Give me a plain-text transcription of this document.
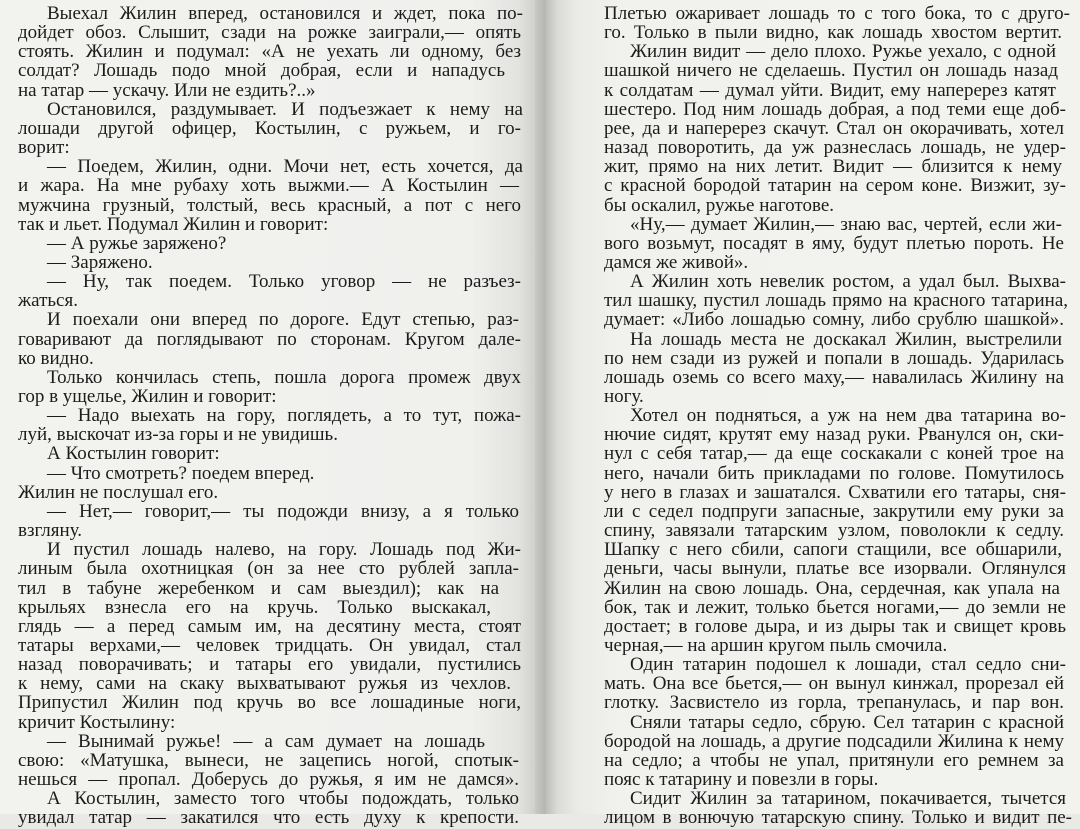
Выехал Жилин вперед, остановился и ждет, пока по-
дойдет обоз. Слышит, сзади на рожке заиграли,— опять
стоять. Жилин и подумал: «А не уехать ли одному, без
солдат? Лошадь подо мной добрая, если и нападусь
на татар — ускачу. Или не ездить?..»
Остановился, раздумывает. И подъезжает к нему на
лошади другой офицер, Костылин, с ружьем, и го-
ворит:
— Поедем, Жилин, одни. Мочи нет, есть хочется, да
и жара. На мне рубаху хоть выжми.— А Костылин —
мужчина грузный, толстый, весь красный, а пот с него
так и льет. Подумал Жилин и говорит:
— А ружье заряжено?
— Заряжено.
— Ну, так поедем. Только уговор — не разъез-
жаться.
И поехали они вперед по дороге. Едут степью, раз-
говаривают да поглядывают по сторонам. Кругом дале-
ко видно.
Только кончилась степь, пошла дорога промеж двух
гор в ущелье, Жилин и говорит:
— Надо выехать на гору, поглядеть, а то тут, пожа-
луй, выскочат из-за горы и не увидишь.
А Костылин говорит:
— Что смотреть? поедем вперед.
Жилин не послушал его.
— Нет,— говорит,— ты подожди внизу, а я только
взгляну.
И пустил лошадь налево, на гору. Лошадь под Жи-
линым была охотницкая (он за нее сто рублей запла-
тил в табуне жеребенком и сам выездил); как на
крыльях взнесла его на кручь. Только выскакал,
глядь — а перед самым им, на десятину места, стоят
татары верхами,— человек тридцать. Он увидал, стал
назад поворачивать; и татары его увидали, пустились
к нему, сами на скаку выхватывают ружья из чехлов.
Припустил Жилин под кручь во все лошадиные ноги,
кричит Костылину:
— Вынимай ружье! — а сам думает на лошадь
свою: «Матушка, вынеси, не зацепись ногой, спотык-
нешься — пропал. Доберусь до ружья, я им не дамся».
А Костылин, заместо того чтобы подождать, только
увидал татар — закатился что есть духу к крепости.
Плетью ожаривает лошадь то с того бока, то с друго-
го. Только в пыли видно, как лошадь хвостом вертит.
Жилин видит — дело плохо. Ружье уехало, с одной
шашкой ничего не сделаешь. Пустил он лошадь назад
к солдатам — думал уйти. Видит, ему наперерез катят
шестеро. Под ним лошадь добрая, а под теми еще доб-
рее, да и наперерез скачут. Стал он окорачивать, хотел
назад поворотить, да уж разнеслась лошадь, не удер-
жит, прямо на них летит. Видит — близится к нему
с красной бородой татарин на сером коне. Визжит, зу-
бы оскалил, ружье наготове.
«Ну,— думает Жилин,— знаю вас, чертей, если жи-
вого возьмут, посадят в яму, будут плетью пороть. Не
дамся же живой».
А Жилин хоть невелик ростом, а удал был. Выхва-
тил шашку, пустил лошадь прямо на красного татарина,
думает: «Либо лошадью сомну, либо срублю шашкой».
На лошадь места не доскакал Жилин, выстрелили
по нем сзади из ружей и попали в лошадь. Ударилась
лошадь оземь со всего маху,— навалилась Жилину на
ногу.
Хотел он подняться, а уж на нем два татарина во-
нючие сидят, крутят ему назад руки. Рванулся он, ски-
нул с себя татар,— да еще соскакали с коней трое на
него, начали бить прикладами по голове. Помутилось
у него в глазах и зашатался. Схватили его татары, сня-
ли с седел подпруги запасные, закрутили ему руки за
спину, завязали татарским узлом, поволокли к седлу.
Шапку с него сбили, сапоги стащили, все обшарили,
деньги, часы вынули, платье все изорвали. Оглянулся
Жилин на свою лошадь. Она, сердечная, как упала на
бок, так и лежит, только бьется ногами,— до земли не
достает; в голове дыра, и из дыры так и свищет кровь
черная,— на аршин кругом пыль смочила.
Один татарин подошел к лошади, стал седло сни-
мать. Она все бьется,— он вынул кинжал, прорезал ей
глотку. Засвистело из горла, трепанулась, и пар вон.
Сняли татары седло, сбрую. Сел татарин с красной
бородой на лошадь, а другие подсадили Жилина к нему
на седло; а чтобы не упал, притянули его ремнем за
пояс к татарину и повезли в горы.
Сидит Жилин за татарином, покачивается, тычется
лицом в вонючую татарскую спину. Только и видит пе-
